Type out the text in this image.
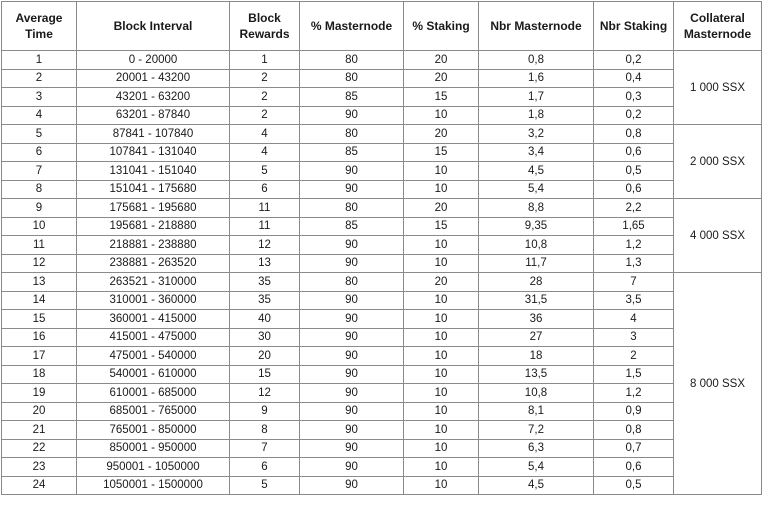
Average Time	Block Interval	Block Rewards	% Masternode	% Staking	Nbr Masternode	Nbr Staking	Collateral Masternode
1	0 - 20000	1	80	20	0,8	0,2	1 000 SSX
2	20001 - 43200	2	80	20	1,6	0,4	
3	43201 - 63200	2	85	15	1,7	0,3	
4	63201 - 87840	2	90	10	1,8	0,2	
5	87841 - 107840	4	80	20	3,2	0,8	2 000 SSX
6	107841 - 131040	4	85	15	3,4	0,6	
7	131041 - 151040	5	90	10	4,5	0,5	
8	151041 - 175680	6	90	10	5,4	0,6	
9	175681 - 195680	11	80	20	8,8	2,2	4 000 SSX
10	195681 - 218880	11	85	15	9,35	1,65	
11	218881 - 238880	12	90	10	10,8	1,2	
12	238881 - 263520	13	90	10	11,7	1,3	
13	263521 - 310000	35	80	20	28	7	8 000 SSX
14	310001 - 360000	35	90	10	31,5	3,5	
15	360001 - 415000	40	90	10	36	4	
16	415001 - 475000	30	90	10	27	3	
17	475001 - 540000	20	90	10	18	2	
18	540001 - 610000	15	90	10	13,5	1,5	
19	610001 - 685000	12	90	10	10,8	1,2	
20	685001 - 765000	9	90	10	8,1	0,9	
21	765001 - 850000	8	90	10	7,2	0,8	
22	850001 - 950000	7	90	10	6,3	0,7	
23	950001 - 1050000	6	90	10	5,4	0,6	
24	1050001 - 1500000	5	90	10	4,5	0,5	
